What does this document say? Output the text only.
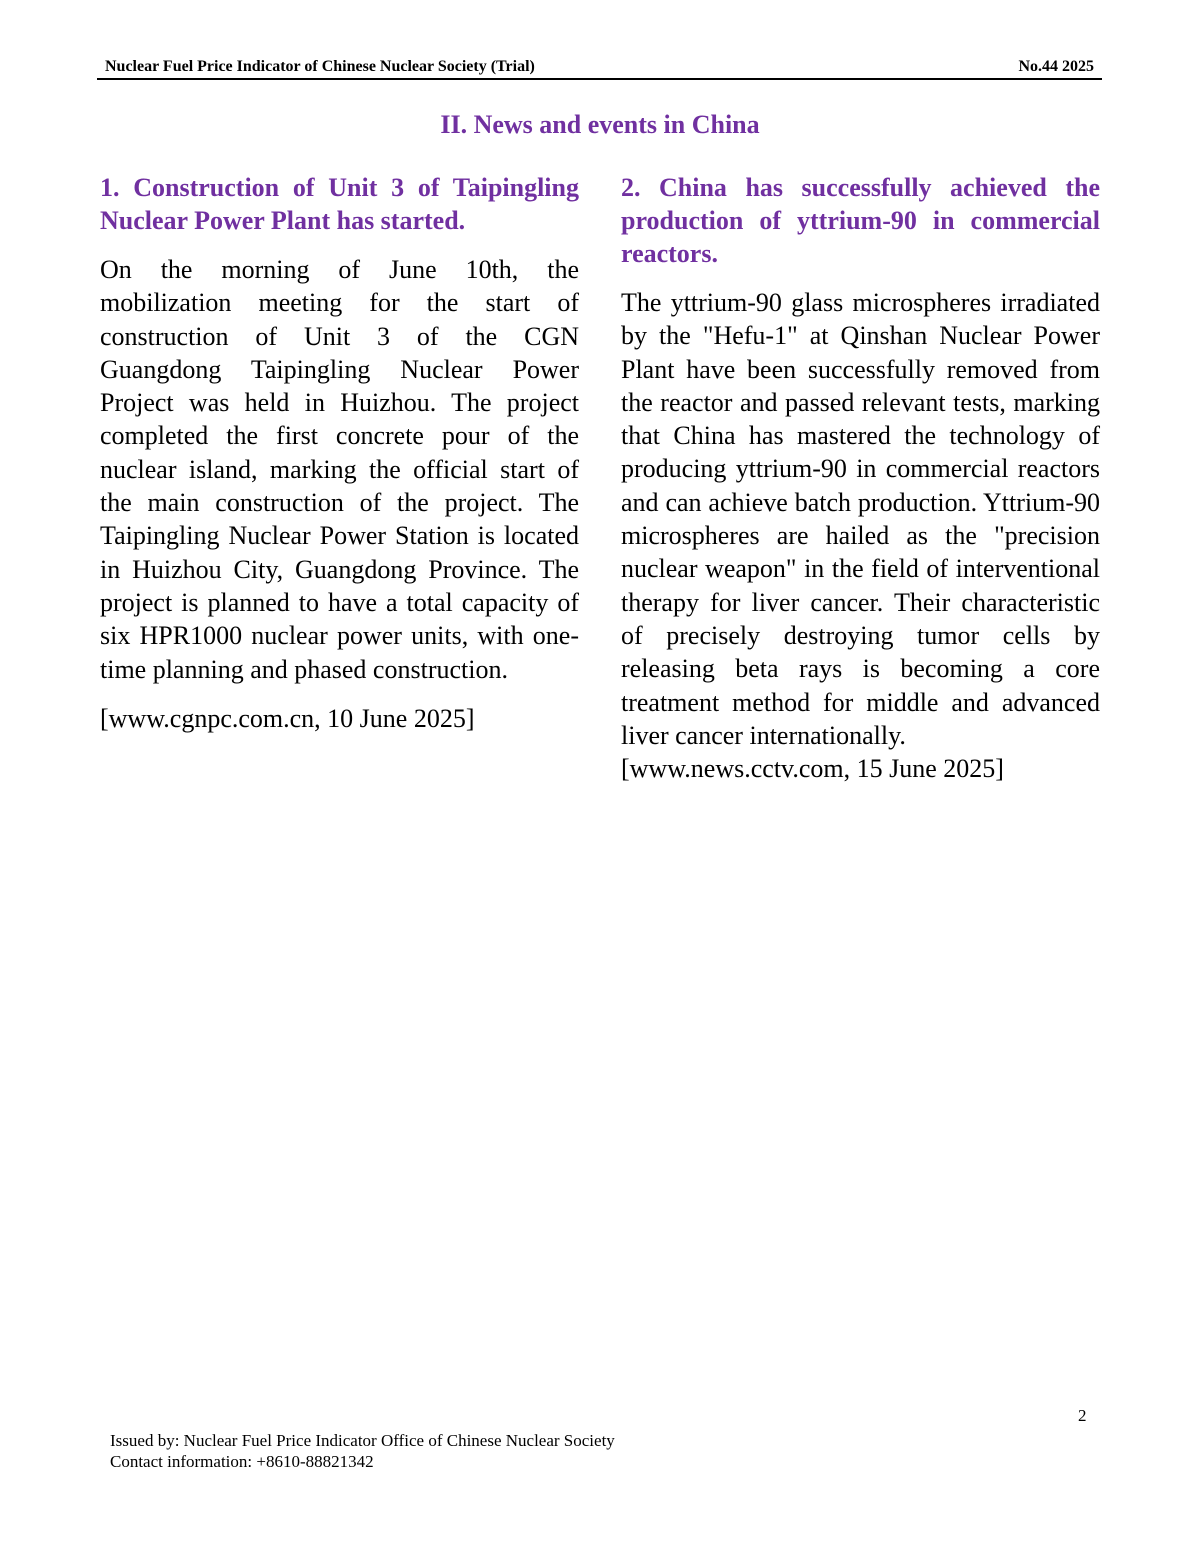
Nuclear Fuel Price Indicator of Chinese Nuclear Society (Trial)	No.44 2025
II. News and events in China

1. Construction of Unit 3 of Taipingling Nuclear Power Plant has started.

On the morning of June 10th, the mobilization meeting for the start of construction of Unit 3 of the CGN Guangdong Taipingling Nuclear Power Project was held in Huizhou. The project completed the first concrete pour of the nuclear island, marking the official start of the main construction of the project. The Taipingling Nuclear Power Station is located in Huizhou City, Guangdong Province. The project is planned to have a total capacity of six HPR1000 nuclear power units, with one-time planning and phased construction.

[www.cgnpc.com.cn, 10 June 2025]

2. China has successfully achieved the production of yttrium-90 in commercial reactors.

The yttrium-90 glass microspheres irradiated by the "Hefu-1" at Qinshan Nuclear Power Plant have been successfully removed from the reactor and passed relevant tests, marking that China has mastered the technology of producing yttrium-90 in commercial reactors and can achieve batch production. Yttrium-90 microspheres are hailed as the "precision nuclear weapon" in the field of interventional therapy for liver cancer. Their characteristic of precisely destroying tumor cells by releasing beta rays is becoming a core treatment method for middle and advanced liver cancer internationally.

[www.news.cctv.com, 15 June 2025]

2
Issued by: Nuclear Fuel Price Indicator Office of Chinese Nuclear Society
Contact information: +8610-88821342
